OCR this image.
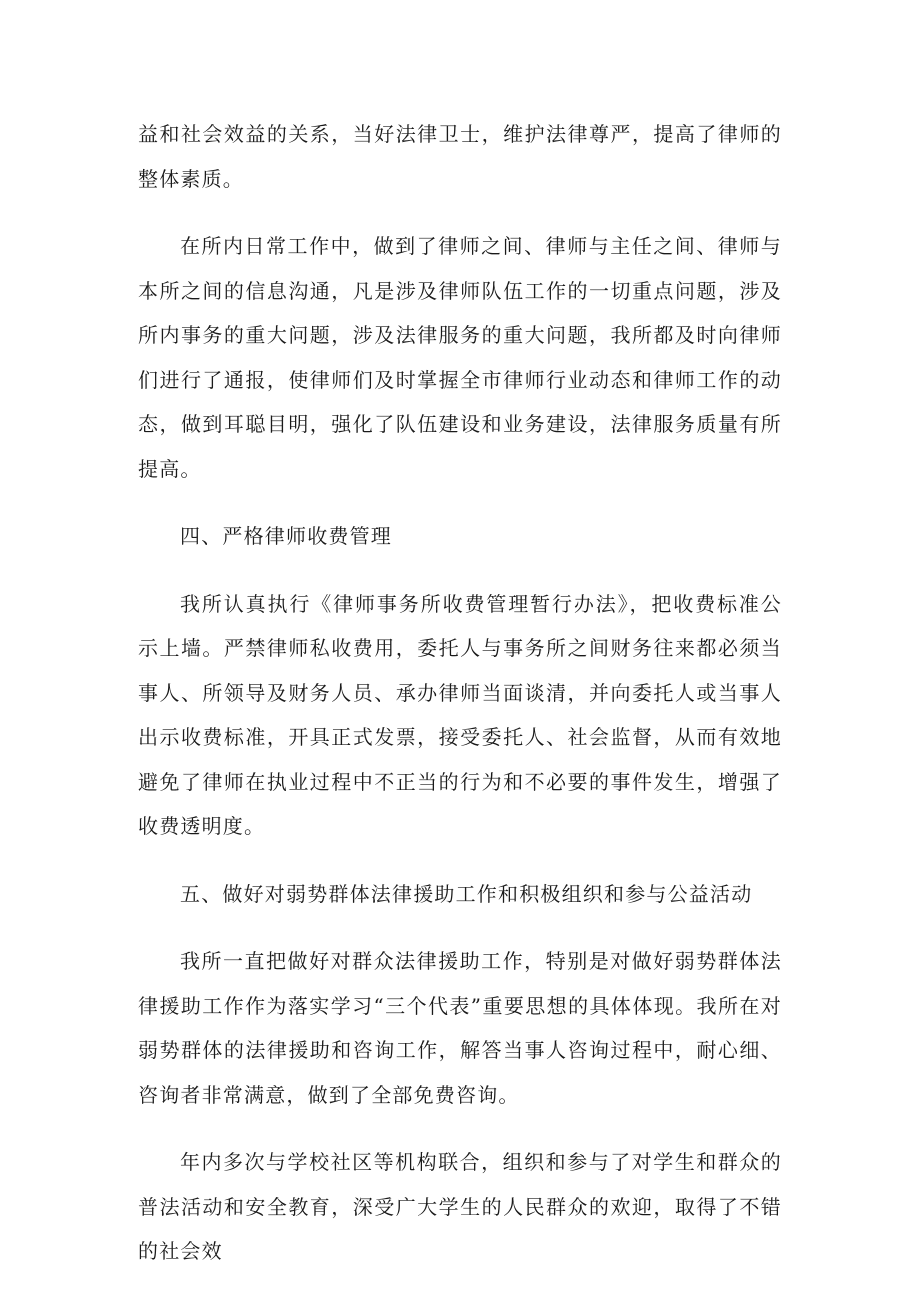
益和社会效益的关系，当好法律卫士，维护法律尊严，提高了律师的整体素质。

在所内日常工作中，做到了律师之间、律师与主任之间、律师与本所之间的信息沟通，凡是涉及律师队伍工作的一切重点问题，涉及所内事务的重大问题，涉及法律服务的重大问题，我所都及时向律师们进行了通报，使律师们及时掌握全市律师行业动态和律师工作的动态，做到耳聪目明，强化了队伍建设和业务建设，法律服务质量有所提高。

四、严格律师收费管理

我所认真执行《律师事务所收费管理暂行办法》，把收费标准公示上墙。严禁律师私收费用，委托人与事务所之间财务往来都必须当事人、所领导及财务人员、承办律师当面谈清，并向委托人或当事人出示收费标准，开具正式发票，接受委托人、社会监督，从而有效地避免了律师在执业过程中不正当的行为和不必要的事件发生，增强了收费透明度。

五、做好对弱势群体法律援助工作和积极组织和参与公益活动

我所一直把做好对群众法律援助工作，特别是对做好弱势群体法律援助工作作为落实学习“三个代表”重要思想的具体体现。我所在对弱势群体的法律援助和咨询工作，解答当事人咨询过程中，耐心细、咨询者非常满意，做到了全部免费咨询。

年内多次与学校社区等机构联合，组织和参与了对学生和群众的普法活动和安全教育，深受广大学生的人民群众的欢迎，取得了不错的社会效
